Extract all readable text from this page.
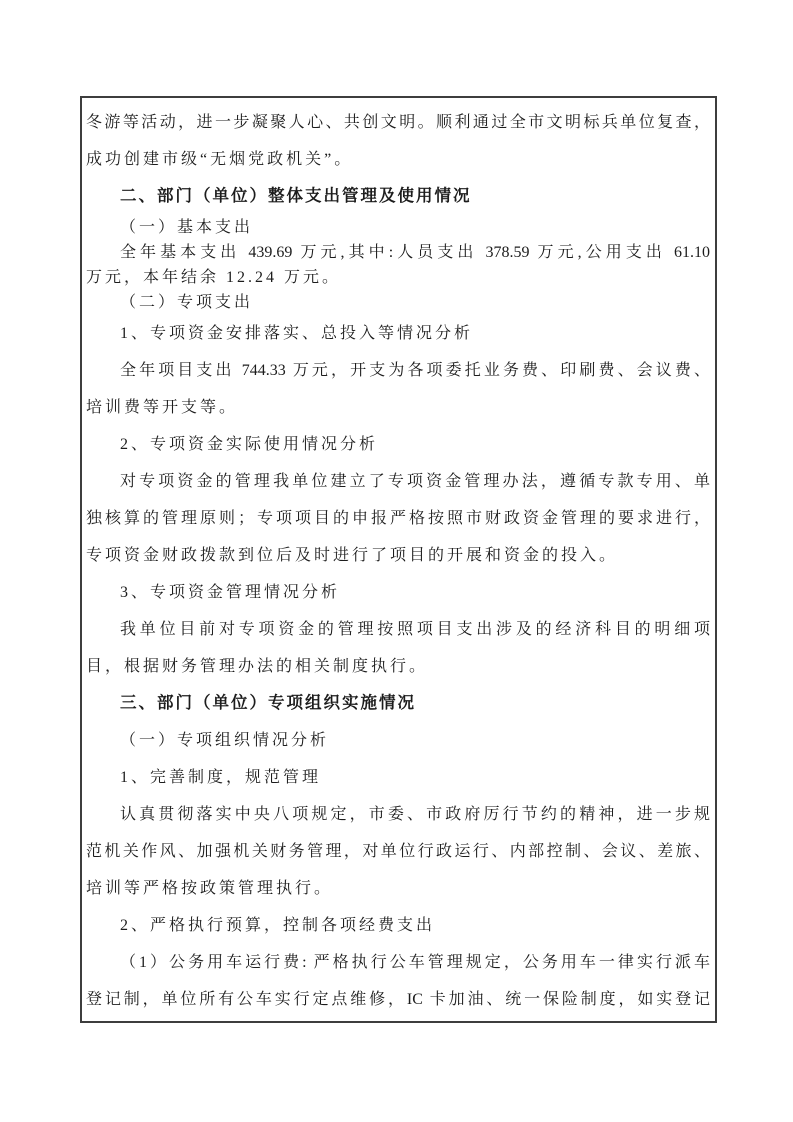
冬游等活动，进一步凝聚人心、共创文明。顺利通过全市文明标兵单位复查，
成功创建市级“无烟党政机关”。
二、部门（单位）整体支出管理及使用情况
（一）基本支出
全年基本支出 439.69 万元,其中:人员支出 378.59 万元,公用支出 61.10
万元，本年结余 12.24 万元。
（二）专项支出
1、专项资金安排落实、总投入等情况分析
全年项目支出 744.33 万元，开支为各项委托业务费、印刷费、会议费、
培训费等开支等。
2、专项资金实际使用情况分析
对专项资金的管理我单位建立了专项资金管理办法，遵循专款专用、单
独核算的管理原则；专项项目的申报严格按照市财政资金管理的要求进行，
专项资金财政拨款到位后及时进行了项目的开展和资金的投入。
3、专项资金管理情况分析
我单位目前对专项资金的管理按照项目支出涉及的经济科目的明细项
目，根据财务管理办法的相关制度执行。
三、部门（单位）专项组织实施情况
（一）专项组织情况分析
1、完善制度，规范管理
认真贯彻落实中央八项规定，市委、市政府厉行节约的精神，进一步规
范机关作风、加强机关财务管理，对单位行政运行、内部控制、会议、差旅、
培训等严格按政策管理执行。
2、严格执行预算，控制各项经费支出
（1）公务用车运行费: 严格执行公车管理规定，公务用车一律实行派车
登记制，单位所有公车实行定点维修，IC 卡加油、统一保险制度，如实登记
